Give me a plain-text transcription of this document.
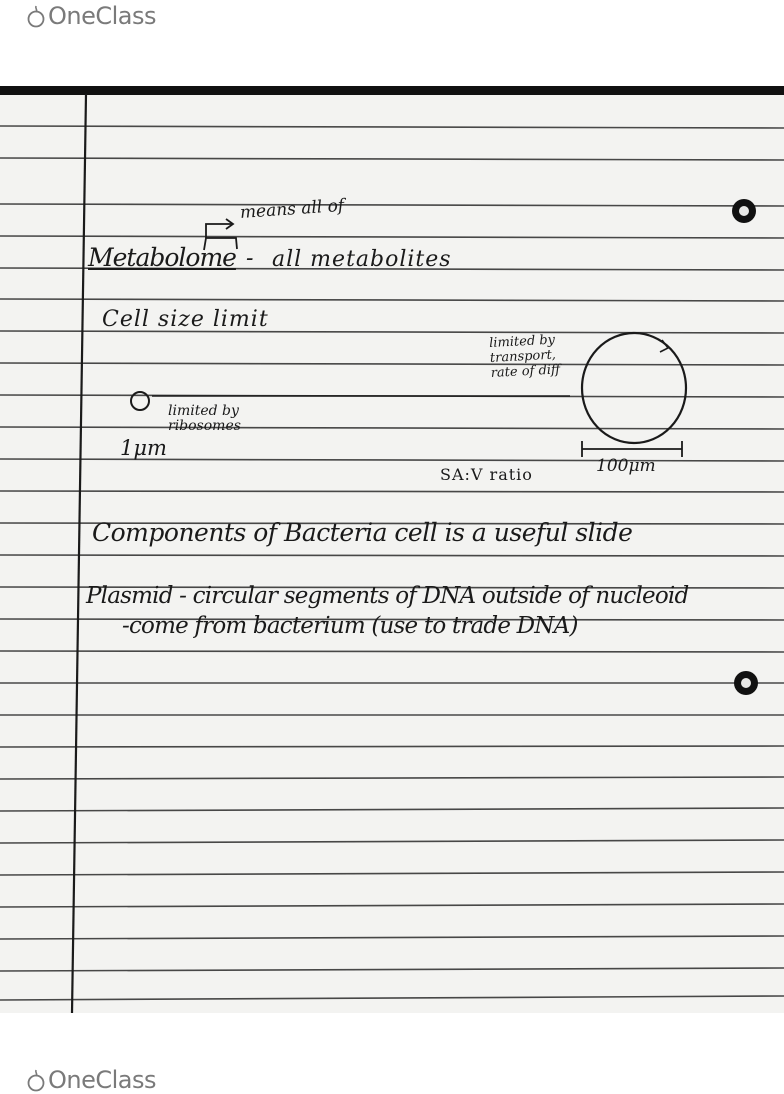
OneClass
means all of
Metabolome - all metabolites
Cell size limit
limited by
transport,
rate of diff
limited by
ribosomes
1μm
SA:V ratio	100μm
Components of Bacteria cell is a useful slide
Plasmid - circular segments of DNA outside of nucleoid
-come from bacterium (use to trade DNA)
OneClass
